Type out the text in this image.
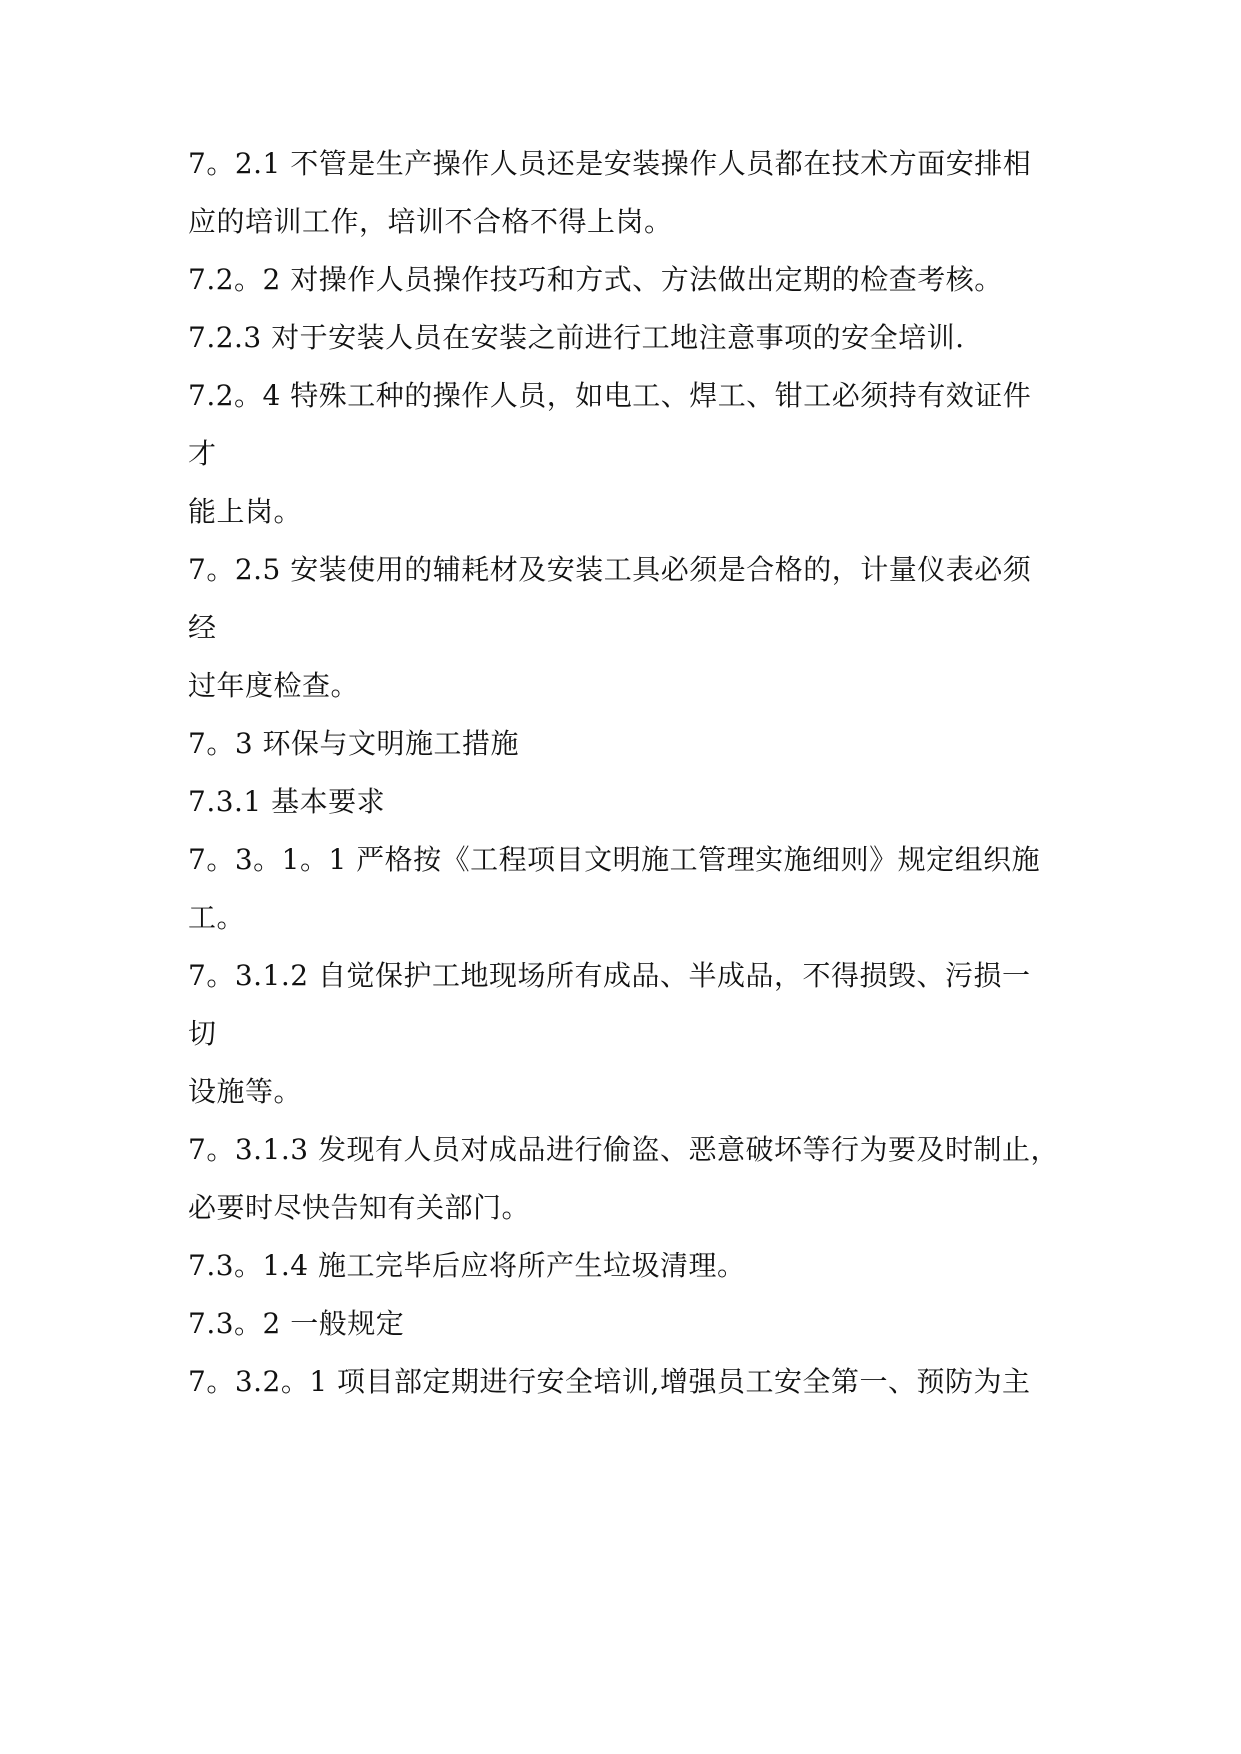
7。2.1 不管是生产操作人员还是安装操作人员都在技术方面安排相
应的培训工作，培训不合格不得上岗。
7.2。2 对操作人员操作技巧和方式、方法做出定期的检查考核。
7.2.3 对于安装人员在安装之前进行工地注意事项的安全培训.
7.2。4 特殊工种的操作人员，如电工、焊工、钳工必须持有效证件
才
能上岗。
7。2.5 安装使用的辅耗材及安装工具必须是合格的，计量仪表必须
经
过年度检查。
7。3 环保与文明施工措施
7.3.1 基本要求
7。3。1。1 严格按《工程项目文明施工管理实施细则》规定组织施
工。
7。3.1.2 自觉保护工地现场所有成品、半成品，不得损毁、污损一
切
设施等。
7。3.1.3 发现有人员对成品进行偷盗、恶意破坏等行为要及时制止，
必要时尽快告知有关部门。
7.3。1.4 施工完毕后应将所产生垃圾清理。
7.3。2 一般规定
7。3.2。1 项目部定期进行安全培训,增强员工安全第一、预防为主
